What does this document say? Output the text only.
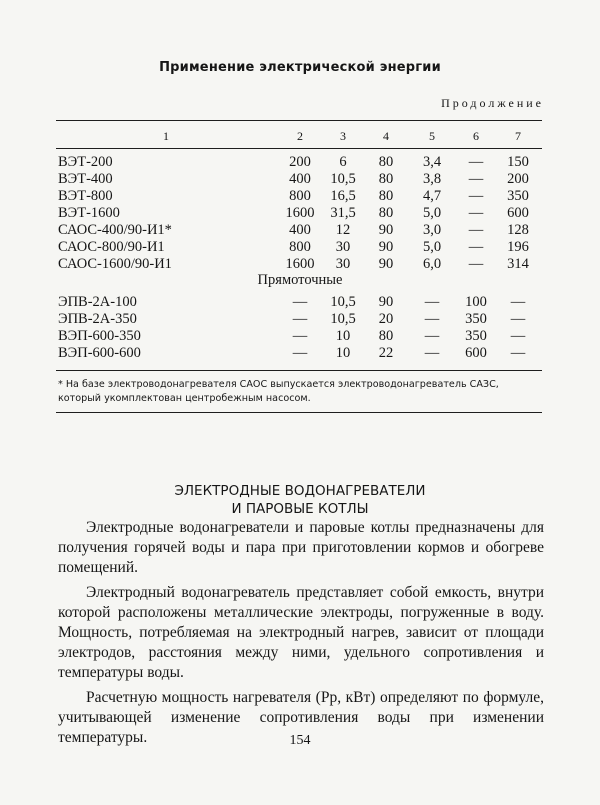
Применение электрической энергии
Продолжение
1	2	3	4	5	6	7
ВЭТ-200	200	6	80	3,4	—	150
ВЭТ-400	400	10,5	80	3,8	—	200
ВЭТ-800	800	16,5	80	4,7	—	350
ВЭТ-1600	1600	31,5	80	5,0	—	600
САОС-400/90-И1*	400	12	90	3,0	—	128
САОС-800/90-И1	800	30	90	5,0	—	196
САОС-1600/90-И1	1600	30	90	6,0	—	314
Прямоточные
ЭПВ-2А-100	—	10,5	90	—	100	—
ЭПВ-2А-350	—	10,5	20	—	350	—
ВЭП-600-350	—	10	80	—	350	—
ВЭП-600-600	—	10	22	—	600	—
* На базе электроводонагревателя САОС выпускается электроводонагреватель САЗС, который укомплектован центробежным насосом.
ЭЛЕКТРОДНЫЕ ВОДОНАГРЕВАТЕЛИ
И ПАРОВЫЕ КОТЛЫ

Электродные водонагреватели и паровые котлы предназначены для получения горячей воды и пара при приготовлении кормов и обогреве помещений.

Электродный водонагреватель представляет собой емкость, внутри которой расположены металлические электроды, погруженные в воду. Мощность, потребляемая на электродный нагрев, зависит от площади электродов, расстояния между ними, удельного сопротивления и температуры воды.

Расчетную мощность нагревателя (Рр, кВт) определяют по формуле, учитывающей изменение сопротивления воды при изменении температуры.	154
